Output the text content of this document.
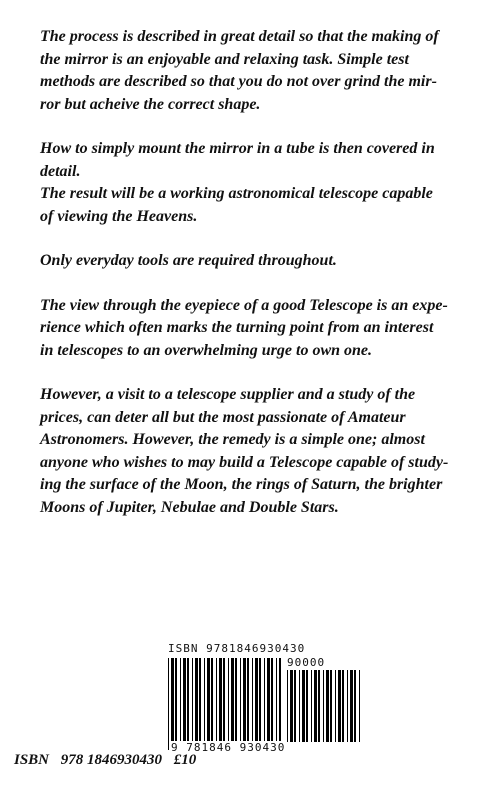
The process is described in great detail so that the making of
the mirror is an enjoyable and relaxing task. Simple test
methods are described so that you do not over grind the mir-
ror but acheive the correct shape.

How to simply mount the mirror in a tube is then covered in
detail.
The result will be a working astronomical telescope capable
of viewing the Heavens.

Only everyday tools are required throughout.

The view through the eyepiece of a good Telescope is an expe-
rience which often marks the turning point from an interest
in telescopes to an overwhelming urge to own one.

However, a visit to a telescope supplier and a study of the
prices, can deter all but the most passionate of Amateur
Astronomers. However, the remedy is a simple one; almost
anyone who wishes to may build a Telescope capable of study-
ing the surface of the Moon, the rings of Saturn, the brighter
Moons of Jupiter, Nebulae and Double Stars.

ISBN 9781846930430
90000
9 781846 930430
ISBN 978 1846930430 £10
